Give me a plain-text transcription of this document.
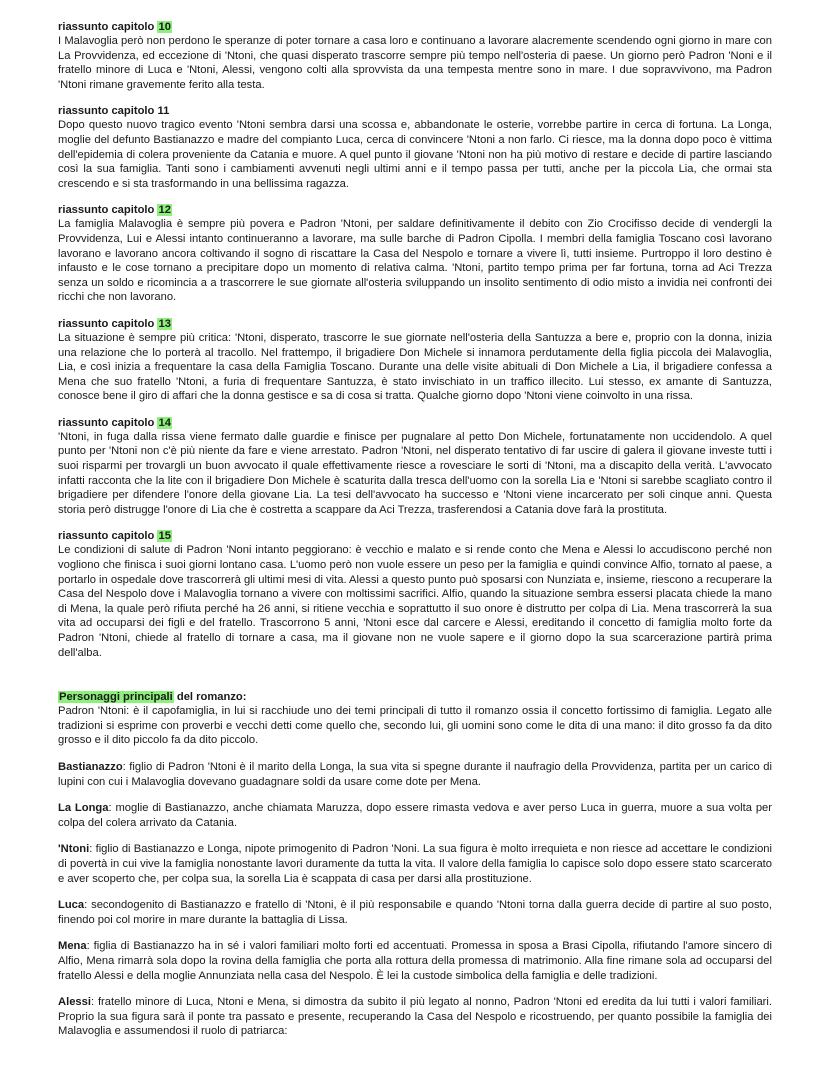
riassunto capitolo 10

I Malavoglia però non perdono le speranze di poter tornare a casa loro e continuano a lavorare alacremente scendendo ogni giorno in mare con La Provvidenza, ed eccezione di 'Ntoni, che quasi disperato trascorre sempre più tempo nell'osteria di paese. Un giorno però Padron 'Noni e il fratello minore di Luca e 'Ntoni, Alessi, vengono colti alla sprovvista da una tempesta mentre sono in mare. I due sopravvivono, ma Padron 'Ntoni rimane gravemente ferito alla testa.

riassunto capitolo 11

Dopo questo nuovo tragico evento 'Ntoni sembra darsi una scossa e, abbandonate le osterie, vorrebbe partire in cerca di fortuna. La Longa, moglie del defunto Bastianazzo e madre del compianto Luca, cerca di convincere 'Ntoni a non farlo. Ci riesce, ma la donna dopo poco è vittima dell'epidemia di colera proveniente da Catania e muore. A quel punto il giovane 'Ntoni non ha più motivo di restare e decide di partire lasciando così la sua famiglia. Tanti sono i cambiamenti avvenuti negli ultimi anni e il tempo passa per tutti, anche per la piccola Lia, che ormai sta crescendo e si sta trasformando in una bellissima ragazza.

riassunto capitolo 12

La famiglia Malavoglia è sempre più povera e Padron 'Ntoni, per saldare definitivamente il debito con Zio Crocifisso decide di vendergli la Provvidenza, Lui e Alessi intanto continueranno a lavorare, ma sulle barche di Padron Cipolla. I membri della famiglia Toscano così lavorano lavorano e lavorano ancora coltivando il sogno di riscattare la Casa del Nespolo e tornare a vivere lì, tutti insieme. Purtroppo il loro destino è infausto e le cose tornano a precipitare dopo un momento di relativa calma. 'Ntoni, partito tempo prima per far fortuna, torna ad Aci Trezza senza un soldo e ricomincia a a trascorrere le sue giornate all'osteria sviluppando un insolito sentimento di odio misto a invidia nei confronti dei ricchi che non lavorano.

riassunto capitolo 13

La situazione è sempre più critica: 'Ntoni, disperato, trascorre le sue giornate nell'osteria della Santuzza a bere e, proprio con la donna, inizia una relazione che lo porterà al tracollo. Nel frattempo, il brigadiere Don Michele si innamora perdutamente della figlia piccola dei Malavoglia, Lia, e così inizia a frequentare la casa della Famiglia Toscano. Durante una delle visite abituali di Don Michele a Lia, il brigadiere confessa a Mena che suo fratello 'Ntoni, a furia di frequentare Santuzza, è stato invischiato in un traffico illecito. Lui stesso, ex amante di Santuzza, conosce bene il giro di affari che la donna gestisce e sa di cosa si tratta. Qualche giorno dopo 'Ntoni viene coinvolto in una rissa.

riassunto capitolo 14

'Ntoni, in fuga dalla rissa viene fermato dalle guardie e finisce per pugnalare al petto Don Michele, fortunatamente non uccidendolo. A quel punto per 'Ntoni non c'è più niente da fare e viene arrestato. Padron 'Ntoni, nel disperato tentativo di far uscire di galera il giovane investe tutti i suoi risparmi per trovargli un buon avvocato il quale effettivamente riesce a rovesciare le sorti di 'Ntoni, ma a discapito della verità. L'avvocato infatti racconta che la lite con il brigadiere Don Michele è scaturita dalla tresca dell'uomo con la sorella Lia e 'Ntoni si sarebbe scagliato contro il brigadiere per difendere l'onore della giovane Lia. La tesi dell'avvocato ha successo e 'Ntoni viene incarcerato per soli cinque anni. Questa storia però distrugge l'onore di Lia che è costretta a scappare da Aci Trezza, trasferendosi a Catania dove farà la prostituta.

riassunto capitolo 15

Le condizioni di salute di Padron 'Noni intanto peggiorano: è vecchio e malato e si rende conto che Mena e Alessi lo accudiscono perché non vogliono che finisca i suoi giorni lontano casa. L'uomo però non vuole essere un peso per la famiglia e quindi convince Alfio, tornato al paese, a portarlo in ospedale dove trascorrerà gli ultimi mesi di vita. Alessi a questo punto può sposarsi con Nunziata e, insieme, riescono a recuperare la Casa del Nespolo dove i Malavoglia tornano a vivere con moltissimi sacrifici. Alfio, quando la situazione sembra essersi placata chiede la mano di Mena, la quale però rifiuta perché ha 26 anni, si ritiene vecchia e soprattutto il suo onore è distrutto per colpa di Lia. Mena trascorrerà la sua vita ad occuparsi dei figli e del fratello. Trascorrono 5 anni, 'Ntoni esce dal carcere e Alessi, ereditando il concetto di famiglia molto forte da Padron 'Ntoni, chiede al fratello di tornare a casa, ma il giovane non ne vuole sapere e il giorno dopo la sua scarcerazione partirà prima dell'alba.

Personaggi principali del romanzo:

Padron 'Ntoni: è il capofamiglia, in lui si racchiude uno dei temi principali di tutto il romanzo ossia il concetto fortissimo di famiglia. Legato alle tradizioni si esprime con proverbi e vecchi detti come quello che, secondo lui, gli uomini sono come le dita di una mano: il dito grosso fa da dito grosso e il dito piccolo fa da dito piccolo.

Bastianazzo: figlio di Padron 'Ntoni è il marito della Longa, la sua vita si spegne durante il naufragio della Provvidenza, partita per un carico di lupini con cui i Malavoglia dovevano guadagnare soldi da usare come dote per Mena.

La Longa: moglie di Bastianazzo, anche chiamata Maruzza, dopo essere rimasta vedova e aver perso Luca in guerra, muore a sua volta per colpa del colera arrivato da Catania.

'Ntoni: figlio di Bastianazzo e Longa, nipote primogenito di Padron 'Noni. La sua figura è molto irrequieta e non riesce ad accettare le condizioni di povertà in cui vive la famiglia nonostante lavori duramente da tutta la vita. Il valore della famiglia lo capisce solo dopo essere stato scarcerato e aver scoperto che, per colpa sua, la sorella Lia è scappata di casa per darsi alla prostituzione.

Luca: secondogenito di Bastianazzo e fratello di 'Ntoni, è il più responsabile e quando 'Ntoni torna dalla guerra decide di partire al suo posto, finendo poi col morire in mare durante la battaglia di Lissa.

Mena: figlia di Bastianazzo ha in sé i valori familiari molto forti ed accentuati. Promessa in sposa a Brasi Cipolla, rifiutando l'amore sincero di Alfio, Mena rimarrà sola dopo la rovina della famiglia che porta alla rottura della promessa di matrimonio. Alla fine rimane sola ad occuparsi del fratello Alessi e della moglie Annunziata nella casa del Nespolo. È lei la custode simbolica della famiglia e delle tradizioni.

Alessi: fratello minore di Luca, Ntoni e Mena, si dimostra da subito il più legato al nonno, Padron 'Ntoni ed eredita da lui tutti i valori familiari. Proprio la sua figura sarà il ponte tra passato e presente, recuperando la Casa del Nespolo e ricostruendo, per quanto possibile la famiglia dei Malavoglia e assumendosi il ruolo di patriarca:
